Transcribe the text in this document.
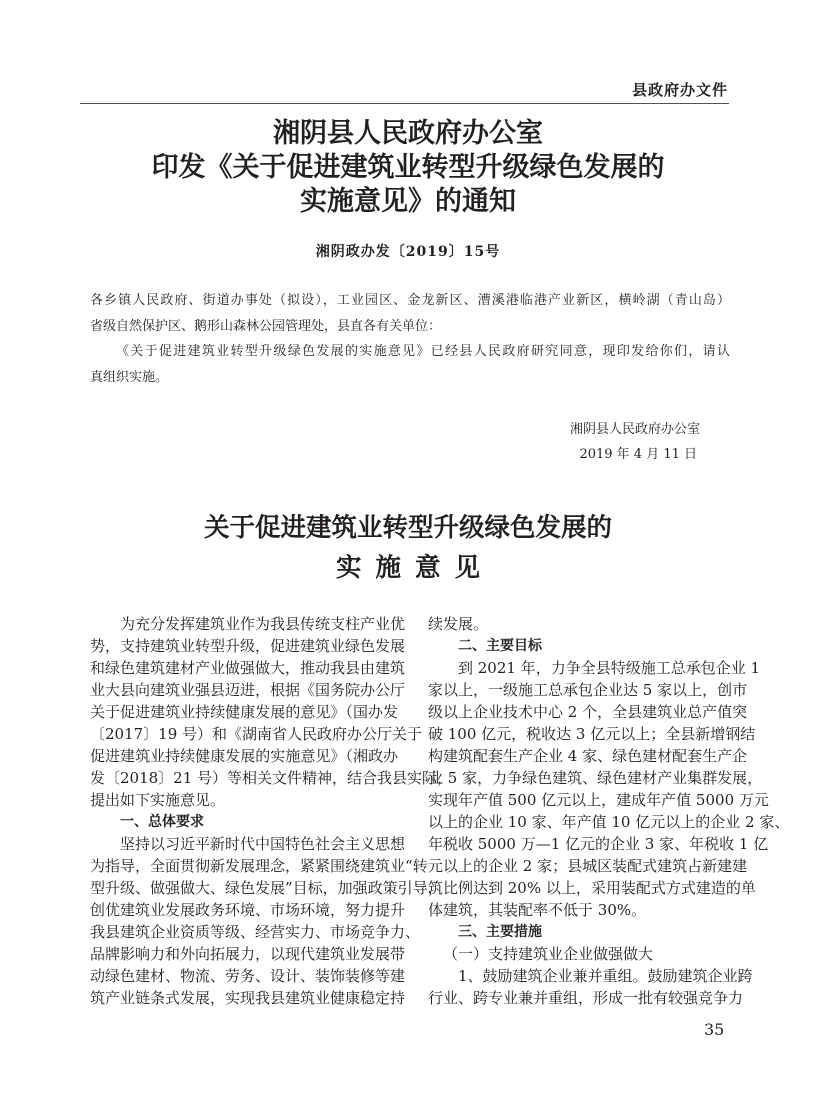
县政府办文件
湘阴县人民政府办公室
印发《关于促进建筑业转型升级绿色发展的
实施意见》的通知
湘阴政办发〔2019〕15号
各乡镇人民政府、街道办事处（拟设），工业园区、金龙新区、漕溪港临港产业新区，横岭湖（青山岛）
省级自然保护区、鹅形山森林公园管理处，县直各有关单位：
《关于促进建筑业转型升级绿色发展的实施意见》已经县人民政府研究同意，现印发给你们，请认
真组织实施。
湘阴县人民政府办公室
2019 年 4 月 11 日
关于促进建筑业转型升级绿色发展的
实施意见
为充分发挥建筑业作为我县传统支柱产业优
势，支持建筑业转型升级，促进建筑业绿色发展
和绿色建筑建材产业做强做大，推动我县由建筑
业大县向建筑业强县迈进，根据《国务院办公厅
关于促进建筑业持续健康发展的意见》（国办发
〔2017〕19 号）和《湖南省人民政府办公厅关于
促进建筑业持续健康发展的实施意见》（湘政办
发〔2018〕21 号）等相关文件精神，结合我县实际，
提出如下实施意见。
一、总体要求
坚持以习近平新时代中国特色社会主义思想
为指导，全面贯彻新发展理念，紧紧围绕建筑业“转
型升级、做强做大、绿色发展”目标，加强政策引导，
创优建筑业发展政务环境、市场环境，努力提升
我县建筑企业资质等级、经营实力、市场竞争力、
品牌影响力和外向拓展力，以现代建筑业发展带
动绿色建材、物流、劳务、设计、装饰装修等建
筑产业链条式发展，实现我县建筑业健康稳定持
续发展。
二、主要目标
到 2021 年，力争全县特级施工总承包企业 1
家以上，一级施工总承包企业达 5 家以上，创市
级以上企业技术中心 2 个，全县建筑业总产值突
破 100 亿元，税收达 3 亿元以上；全县新增钢结
构建筑配套生产企业 4 家、绿色建材配套生产企
业 5 家，力争绿色建筑、绿色建材产业集群发展，
实现年产值 500 亿元以上，建成年产值 5000 万元
以上的企业 10 家、年产值 10 亿元以上的企业 2 家、
年税收 5000 万—1 亿元的企业 3 家、年税收 1 亿
元以上的企业 2 家；县城区装配式建筑占新建建
筑比例达到 20% 以上，采用装配式方式建造的单
体建筑，其装配率不低于 30%。
三、主要措施
（一）支持建筑业企业做强做大
1、鼓励建筑企业兼并重组。鼓励建筑企业跨
行业、跨专业兼并重组，形成一批有较强竞争力
35
